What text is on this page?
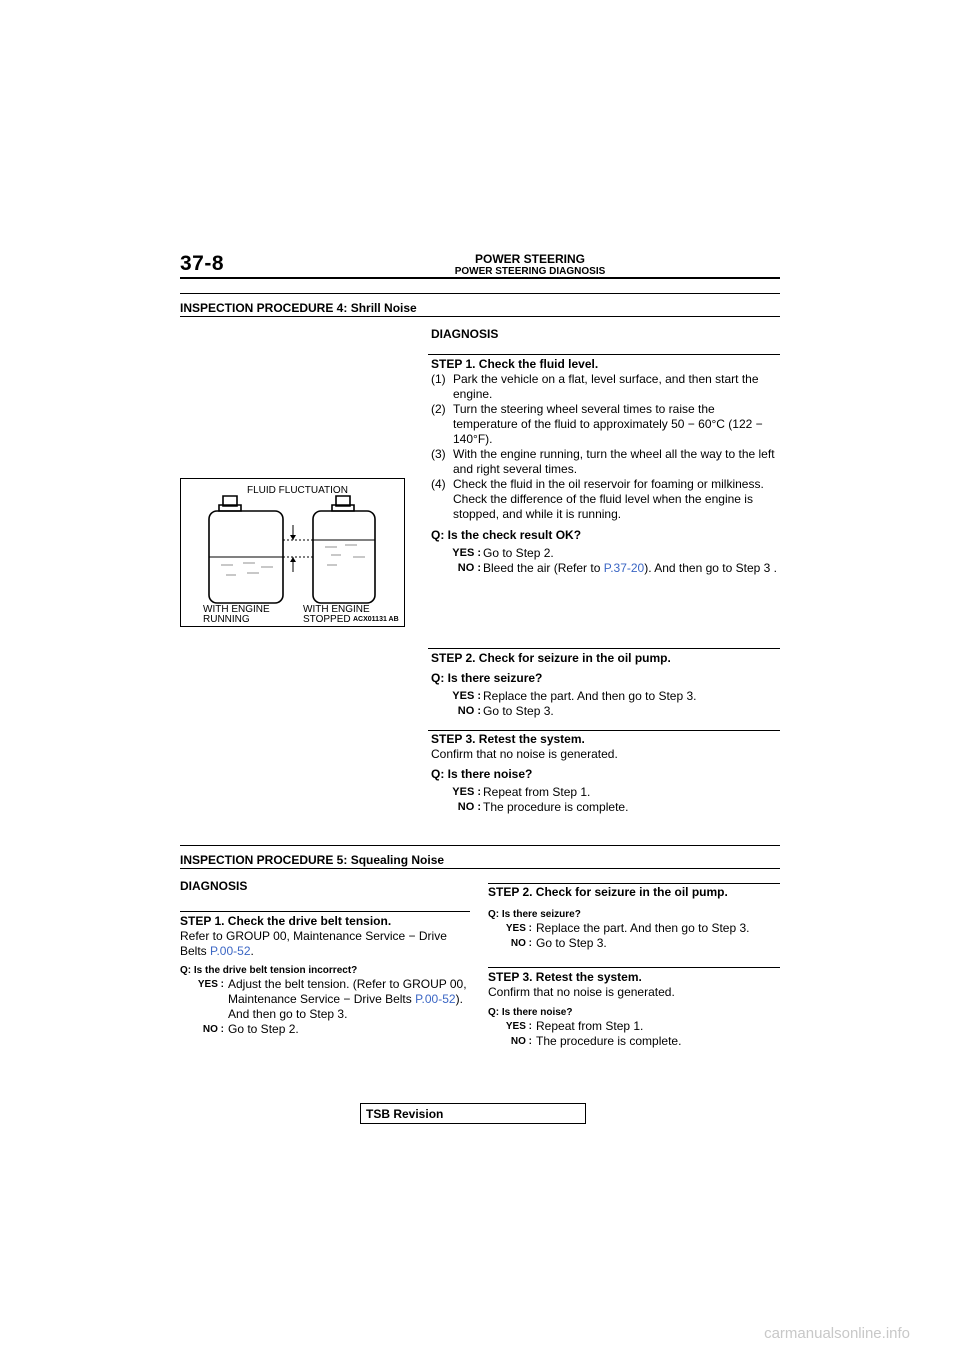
37-8	POWER STEERING
POWER STEERING DIAGNOSIS
INSPECTION PROCEDURE 4: Shrill Noise
DIAGNOSIS
FLUID FLUCTUATION
WITH ENGINE
RUNNING
WITH ENGINE
STOPPED ACX01131 AB
STEP 1. Check the fluid level.
(1) Park the vehicle on a flat, level surface, and then start the engine.
(2) Turn the steering wheel several times to raise the temperature of the fluid to approximately 50 − 60°C (122 − 140°F).
(3) With the engine running, turn the wheel all the way to the left and right several times.
(4) Check the fluid in the oil reservoir for foaming or milkiness. Check the difference of the fluid level when the engine is stopped, and while it is running.
Q: Is the check result OK?
YES : Go to Step 2.
NO : Bleed the air (Refer to P.37-20). And then go to Step 3 .
STEP 2. Check for seizure in the oil pump.
Q: Is there seizure?
YES : Replace the part. And then go to Step 3.
NO : Go to Step 3.
STEP 3. Retest the system.
Confirm that no noise is generated.
Q: Is there noise?
YES : Repeat from Step 1.
NO : The procedure is complete.
INSPECTION PROCEDURE 5: Squealing Noise
DIAGNOSIS
STEP 1. Check the drive belt tension.
Refer to GROUP 00, Maintenance Service − Drive Belts P.00-52.
Q: Is the drive belt tension incorrect?
YES : Adjust the belt tension. (Refer to GROUP 00, Maintenance Service − Drive Belts P.00-52). And then go to Step 3.
NO : Go to Step 2.
STEP 2. Check for seizure in the oil pump.
Q: Is there seizure?
YES : Replace the part. And then go to Step 3.
NO : Go to Step 3.
STEP 3. Retest the system.
Confirm that no noise is generated.
Q: Is there noise?
YES : Repeat from Step 1.
NO : The procedure is complete.
TSB Revision
carmanualsonline.info
